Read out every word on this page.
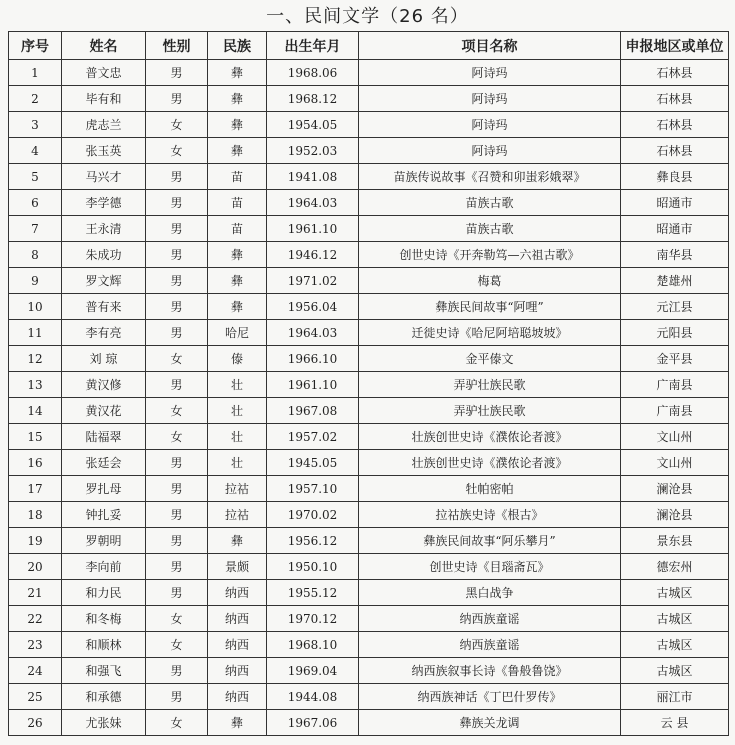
一、民间文学（26 名）
序号	姓名	性别	民族	出生年月	项目名称	申报地区或单位
1	普文忠	男	彝	1968.06	阿诗玛	石林县
2	毕有和	男	彝	1968.12	阿诗玛	石林县
3	虎志兰	女	彝	1954.05	阿诗玛	石林县
4	张玉英	女	彝	1952.03	阿诗玛	石林县
5	马兴才	男	苗	1941.08	苗族传说故事《召赞和卯蚩彩娥翠》	彝良县
6	李学德	男	苗	1964.03	苗族古歌	昭通市
7	王永清	男	苗	1961.10	苗族古歌	昭通市
8	朱成功	男	彝	1946.12	创世史诗《开奔勒笃—六祖古歌》	南华县
9	罗文辉	男	彝	1971.02	梅葛	楚雄州
10	普有来	男	彝	1956.04	彝族民间故事“阿哩”	元江县
11	李有亮	男	哈尼	1964.03	迁徙史诗《哈尼阿培聪坡坡》	元阳县
12	刘 琼	女	傣	1966.10	金平傣文	金平县
13	黄汉修	男	壮	1961.10	弄驴壮族民歌	广南县
14	黄汉花	女	壮	1967.08	弄驴壮族民歌	广南县
15	陆福翠	女	壮	1957.02	壮族创世史诗《濮侬论者渡》	文山州
16	张廷会	男	壮	1945.05	壮族创世史诗《濮侬论者渡》	文山州
17	罗扎母	男	拉祜	1957.10	牡帕密帕	澜沧县
18	钟扎妥	男	拉祜	1970.02	拉祜族史诗《根古》	澜沧县
19	罗朝明	男	彝	1956.12	彝族民间故事“阿乐攀月”	景东县
20	李向前	男	景颇	1950.10	创世史诗《目瑙斋瓦》	德宏州
21	和力民	男	纳西	1955.12	黑白战争	古城区
22	和冬梅	女	纳西	1970.12	纳西族童谣	古城区
23	和顺林	女	纳西	1968.10	纳西族童谣	古城区
24	和强飞	男	纳西	1969.04	纳西族叙事长诗《鲁般鲁饶》	古城区
25	和承德	男	纳西	1944.08	纳西族神话《丁巴什罗传》	丽江市
26	尤张妹	女	彝	1967.06	彝族关龙调	云 县
